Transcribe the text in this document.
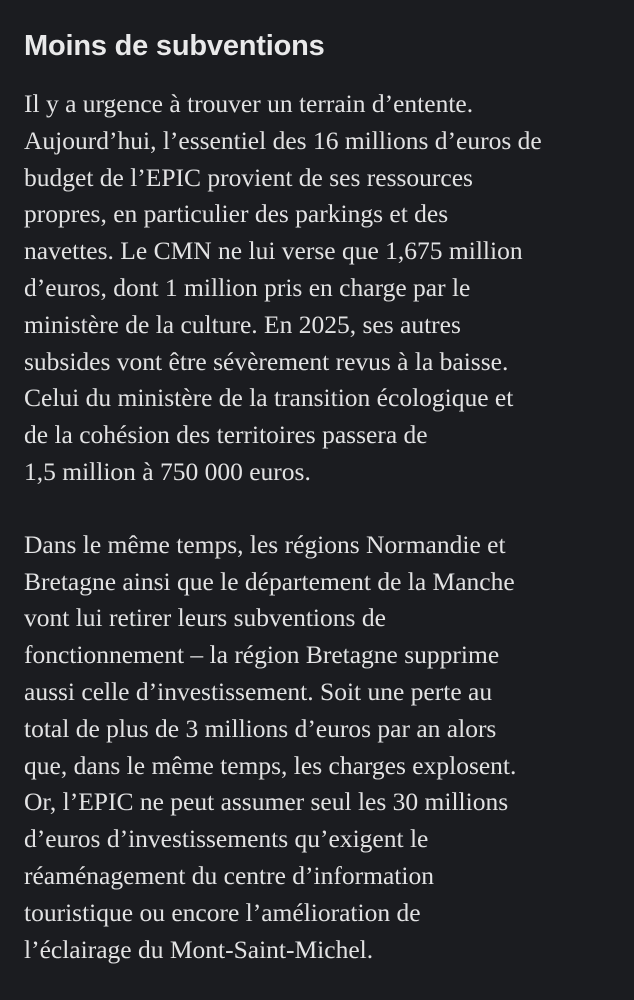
Moins de subventions

Il y a urgence à trouver un terrain d’entente.
Aujourd’hui, l’essentiel des 16 millions d’euros de
budget de l’EPIC provient de ses ressources
propres, en particulier des parkings et des
navettes. Le CMN ne lui verse que 1,675 million
d’euros, dont 1 million pris en charge par le
ministère de la culture. En 2025, ses autres
subsides vont être sévèrement revus à la baisse.
Celui du ministère de la transition écologique et
de la cohésion des territoires passera de
1,5 million à 750 000 euros.

Dans le même temps, les régions Normandie et
Bretagne ainsi que le département de la Manche
vont lui retirer leurs subventions de
fonctionnement – la région Bretagne supprime
aussi celle d’investissement. Soit une perte au
total de plus de 3 millions d’euros par an alors
que, dans le même temps, les charges explosent.
Or, l’EPIC ne peut assumer seul les 30 millions
d’euros d’investissements qu’exigent le
réaménagement du centre d’information
touristique ou encore l’amélioration de
l’éclairage du Mont-Saint-Michel.
